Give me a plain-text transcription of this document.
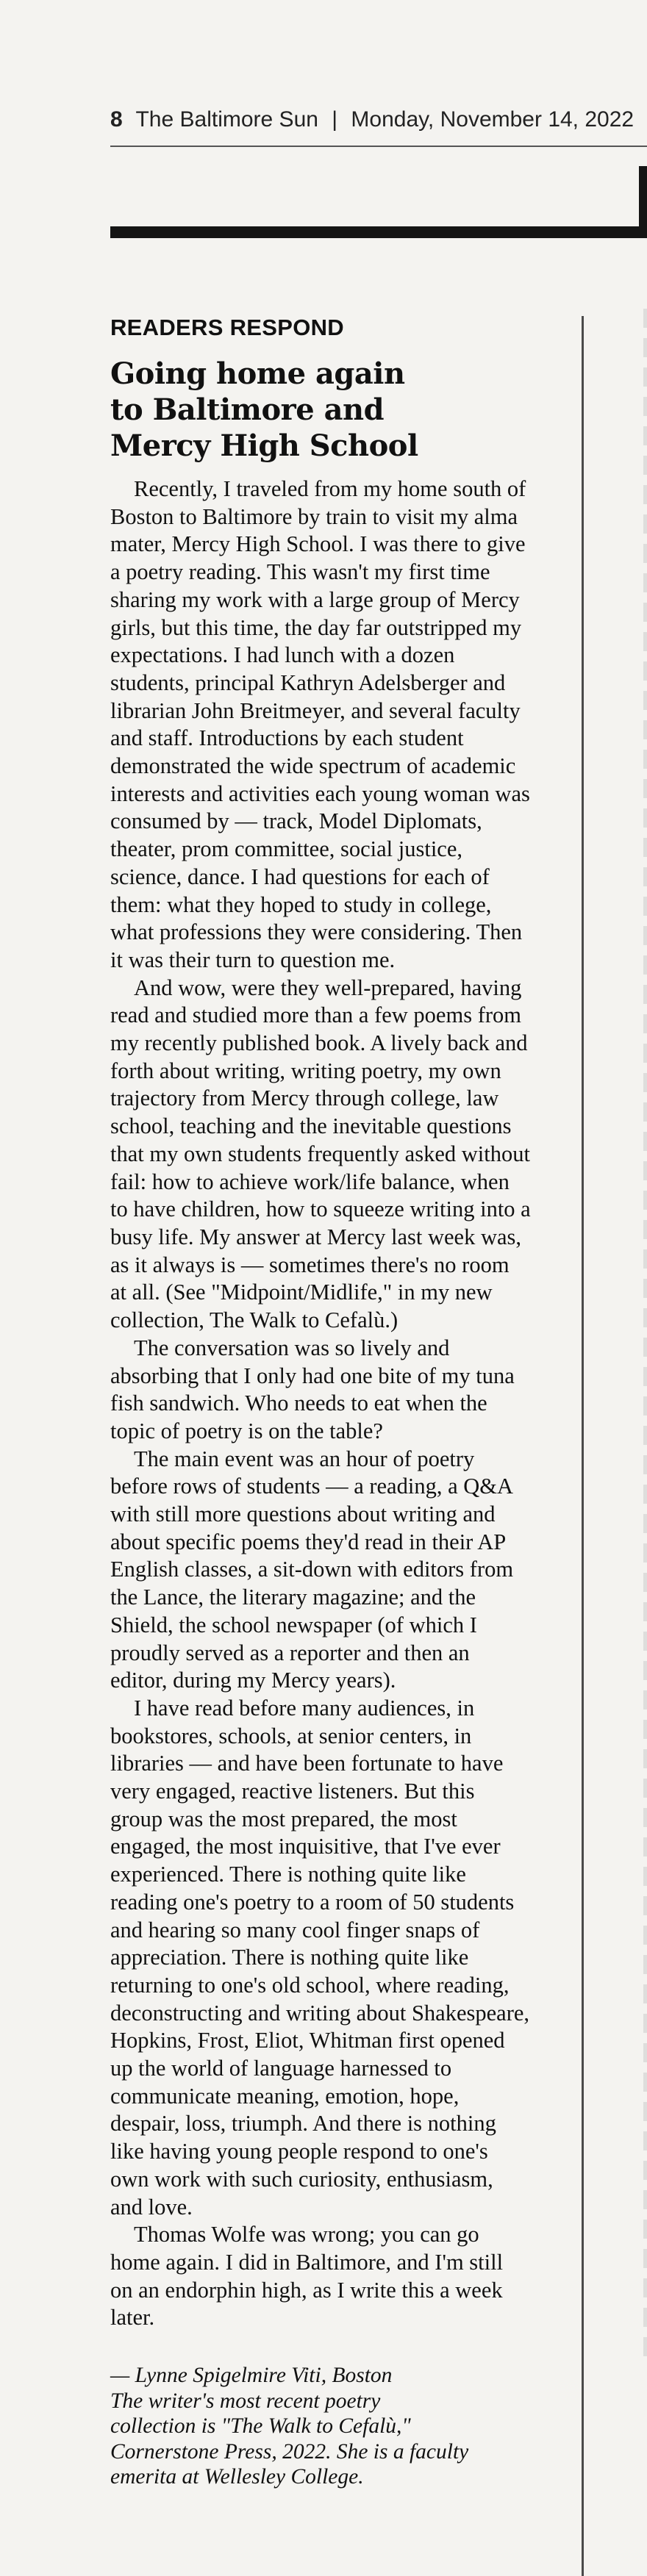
8 The Baltimore Sun | Monday, November 14, 2022
READERS RESPOND
Going home again
to Baltimore and
Mercy High School

Recently, I traveled from my home south of Boston to Baltimore by train to visit my alma mater, Mercy High School. I was there to give a poetry reading. This wasn't my first time sharing my work with a large group of Mercy girls, but this time, the day far outstripped my expectations. I had lunch with a dozen students, principal Kathryn Adelsberger and librarian John Breitmeyer, and several faculty and staff. Introductions by each student demonstrated the wide spectrum of academic interests and activities each young woman was consumed by — track, Model Diplomats, theater, prom committee, social justice, science, dance. I had questions for each of them: what they hoped to study in college, what professions they were considering. Then it was their turn to question me.

And wow, were they well-prepared, having read and studied more than a few poems from my recently published book. A lively back and forth about writing, writing poetry, my own trajectory from Mercy through college, law school, teaching and the inevitable questions that my own students frequently asked without fail: how to achieve work/life balance, when to have children, how to squeeze writing into a busy life. My answer at Mercy last week was, as it always is — sometimes there's no room at all. (See "Midpoint/Midlife," in my new collection, The Walk to Cefalù.)

The conversation was so lively and absorbing that I only had one bite of my tuna fish sandwich. Who needs to eat when the topic of poetry is on the table?

The main event was an hour of poetry before rows of students — a reading, a Q&A with still more questions about writing and about specific poems they'd read in their AP English classes, a sit-down with editors from the Lance, the literary magazine; and the Shield, the school newspaper (of which I proudly served as a reporter and then an editor, during my Mercy years).

I have read before many audiences, in bookstores, schools, at senior centers, in libraries — and have been fortunate to have very engaged, reactive listeners. But this group was the most prepared, the most engaged, the most inquisitive, that I've ever experienced. There is nothing quite like reading one's poetry to a room of 50 students and hearing so many cool finger snaps of appreciation. There is nothing quite like returning to one's old school, where reading, deconstructing and writing about Shakespeare, Hopkins, Frost, Eliot, Whitman first opened up the world of language harnessed to communicate meaning, emotion, hope, despair, loss, triumph. And there is nothing like having young people respond to one's own work with such curiosity, enthusiasm, and love.

Thomas Wolfe was wrong; you can go home again. I did in Baltimore, and I'm still on an endorphin high, as I write this a week later.

— Lynne Spigelmire Viti, Boston
The writer's most recent poetry
collection is "The Walk to Cefalù,"
Cornerstone Press, 2022. She is a faculty
emerita at Wellesley College.
